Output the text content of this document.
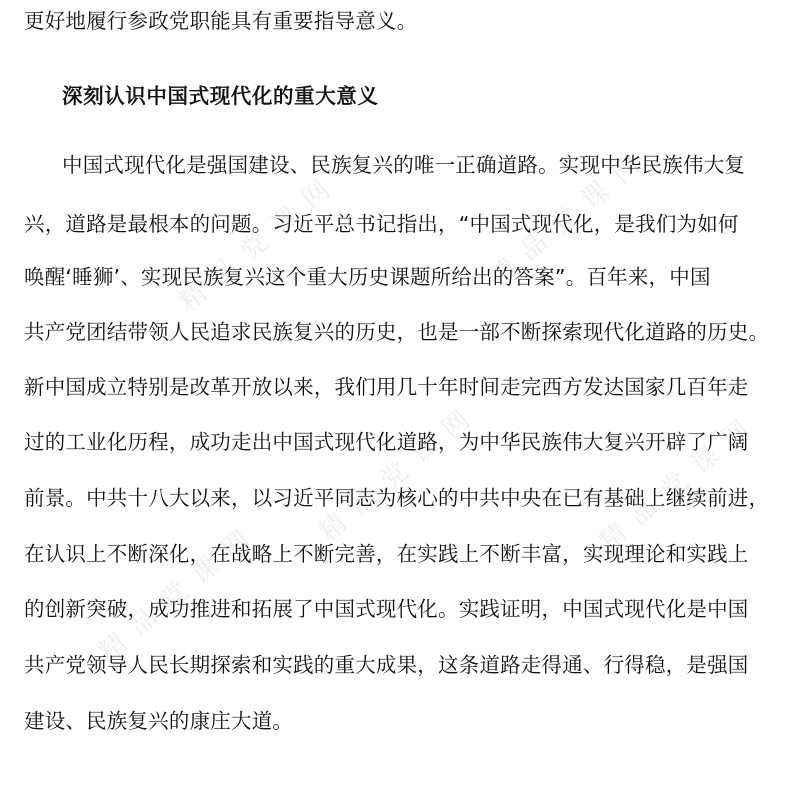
精品党课网	精品党课网
精品党课网	精品党课网
精品党课网
更好地履行参政党职能具有重要指导意义。
深刻认识中国式现代化的重大意义
中国式现代化是强国建设、民族复兴的唯一正确道路。实现中华民族伟大复
兴，道路是最根本的问题。习近平总书记指出，“中国式现代化，是我们为如何
唤醒‘睡狮’、实现民族复兴这个重大历史课题所给出的答案”。百年来，中国
共产党团结带领人民追求民族复兴的历史，也是一部不断探索现代化道路的历史。
新中国成立特别是改革开放以来，我们用几十年时间走完西方发达国家几百年走
过的工业化历程，成功走出中国式现代化道路，为中华民族伟大复兴开辟了广阔
前景。中共十八大以来，以习近平同志为核心的中共中央在已有基础上继续前进，
在认识上不断深化，在战略上不断完善，在实践上不断丰富，实现理论和实践上
的创新突破，成功推进和拓展了中国式现代化。实践证明，中国式现代化是中国
共产党领导人民长期探索和实践的重大成果，这条道路走得通、行得稳，是强国
建设、民族复兴的康庄大道。
